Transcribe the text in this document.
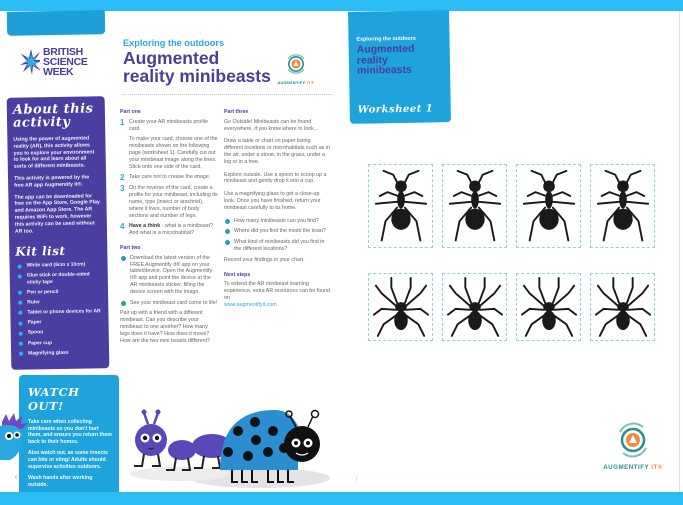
BRITISH
SCIENCE
WEEK
About this activity

Using the power of augmented reality (AR), this activity allows you to explore your environment to look for and learn about all sorts of different minibeasts.

This activity is powered by the free AR app Augmentify It®.

The app can be downloaded for free on the App Store, Google Play and Amazon App Store. The AR requires WiFi to work, however this activity can be used without AR too.

Kit list
White card (6cm x 10cm)
Glue stick or double-sided sticky tape
Pen or pencil
Ruler
Tablet or phone devices for AR
Paper
Spoon
Paper cup
Magnifying glass
WATCH OUT!

Take care when collecting minibeasts so you don't hurt them, and ensure you return them back to their homes.

Also watch out, as some insects can bite or sting! Adults should supervise activities outdoors.

Wash hands after working outside.

6
Exploring the outdoors
Augmented
reality minibeasts	AUGMENTIFY IT®
Part one
1 Create your AR minibeasts profile card.
To make your card, choose one of the minibeasts shown on the following page (worksheet 1). Carefully cut out your minibeast image along the lines. Stick onto one side of the card.
2 Take care not to crease the image.
3 On the reverse of the card, create a profile for your minibeast, including its name, type (insect or arachnid), where it lives, number of body sections and number of legs.
4 Have a think - what is a minibeast? And what is a microhabitat?
Part two
Download the latest version of the FREE Augmentify It® app on your tablet/device. Open the Augmentify It® app and point the device at the AR minibeasts sticker, filling the device screen with the image.
See your minibeast card come to life!
Pair up with a friend with a different minibeast. Can you describe your minibeast to one another? How many legs does it have? How does it move? How are the two mini beasts different?
Part three
Go Outside! Minibeasts can be found everywhere, if you know where to look...
Draw a table or chart on paper listing different locations or microhabitats such as in the air, under a stone, in the grass, under a log or in a tree.
Explore outside. Use a spoon to scoop up a minibeast and gently drop it into a cup.
Use a magnifying glass to get a close-up look. Once you have finished, return your minibeast carefully to its home.
How many minibeasts can you find?
Where did you find the most/ the least?
What kind of minibeasts did you find in the different locations?
Record your findings in your chart.
Next steps
To extend the AR minibeast learning experience, extra AR resources can be found on
www.augmentifyit.com
Exploring the outdoors
Augmented
reality
minibeasts
Worksheet 1
AUGMENTIFY IT®
7
